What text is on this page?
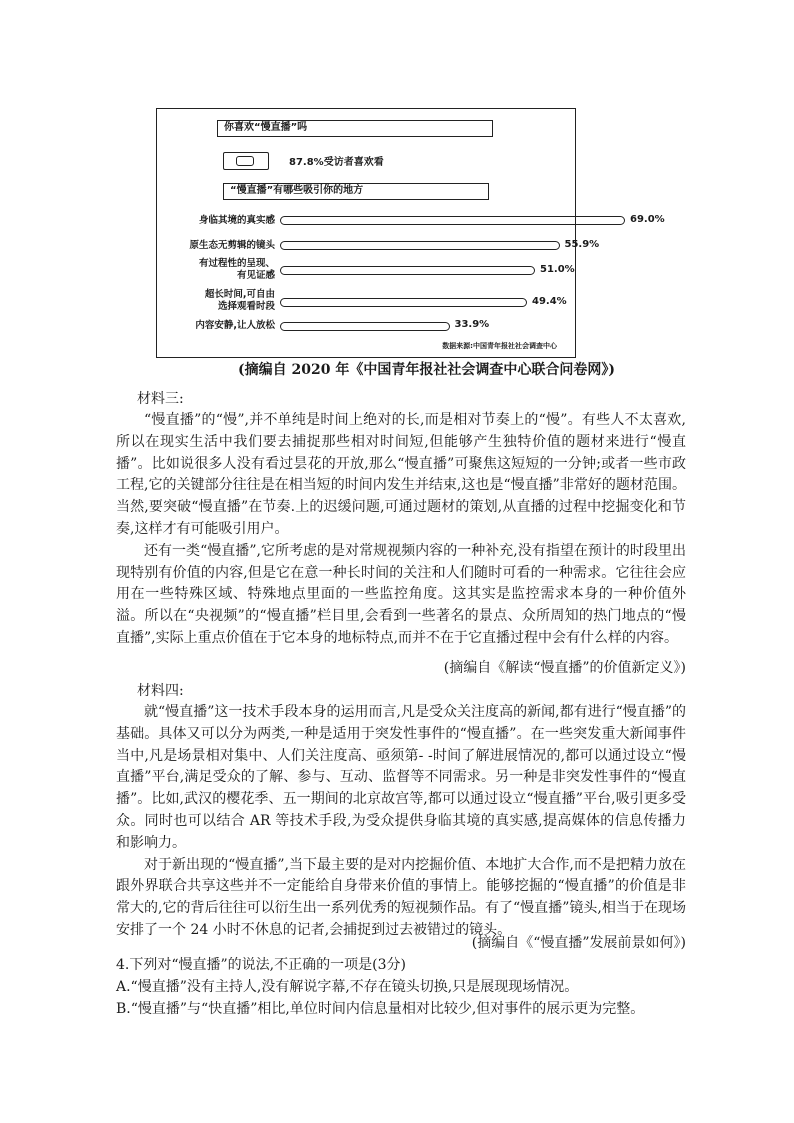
你喜欢“慢直播”吗
87.8%受访者喜欢看
“慢直播”有哪些吸引你的地方
身临其境的真实感	69.0%
原生态无剪辑的镜头	55.9%
有过程性的呈现、
有见证感
51.0%
超长时间,可自由
选择观看时段	49.4%
内容安静,让人放松	33.9%
数据来源:中国青年报社社会调查中心
(摘编自 2020 年《中国青年报社社会调查中心联合问卷网》)
材料三:

“慢直播”的“慢”,并不单纯是时间上绝对的长,而是相对节奏上的“慢”。有些人不太喜欢,所以在现实生活中我们要去捕捉那些相对时间短,但能够产生独特价值的题材来进行“慢直播”。比如说很多人没有看过昙花的开放,那么“慢直播”可聚焦这短短的一分钟;或者一些市政工程,它的关键部分往往是在相当短的时间内发生并结束,这也是“慢直播”非常好的题材范围。当然,要突破“慢直播”在节奏.上的迟缓问题,可通过题材的策划,从直播的过程中挖掘变化和节奏,这样才有可能吸引用户。

还有一类“慢直播”,它所考虑的是对常规视频内容的一种补充,没有指望在预计的时段里出现特别有价值的内容,但是它在意一种长时间的关注和人们随时可看的一种需求。它往往会应用在一些特殊区域、特殊地点里面的一些监控角度。这其实是监控需求本身的一种价值外溢。所以在“央视频”的“慢直播”栏目里,会看到一些著名的景点、众所周知的热门地点的“慢直播”,实际上重点价值在于它本身的地标特点,而并不在于它直播过程中会有什么样的内容。

(摘编自《解读“慢直播”的价值新定义》)
材料四:

就“慢直播”这一技术手段本身的运用而言,凡是受众关注度高的新闻,都有进行“慢直播”的基础。具体又可以分为两类,一种是适用于突发性事件的“慢直播”。在一些突发重大新闻事件当中,凡是场景相对集中、人们关注度高、亟须第- -时间了解进展情况的,都可以通过设立“慢直播”平台,满足受众的了解、参与、互动、监督等不同需求。另一种是非突发性事件的“慢直播”。比如,武汉的樱花季、五一期间的北京故宫等,都可以通过设立“慢直播”平台,吸引更多受众。同时也可以结合 AR 等技术手段,为受众提供身临其境的真实感,提高媒体的信息传播力和影响力。

对于新出现的“慢直播”,当下最主要的是对内挖掘价值、本地扩大合作,而不是把精力放在跟外界联合共享这些并不一定能给自身带来价值的事情上。能够挖掘的“慢直播”的价值是非常大的,它的背后往往可以衍生出一系列优秀的短视频作品。有了“慢直播”镜头,相当于在现场安排了一个 24 小时不休息的记者,会捕捉到过去被错过的镜头。

(摘编自《“慢直播”发展前景如何》)
4.下列对“慢直播”的说法,不正确的一项是(3分)
A.“慢直播”没有主持人,没有解说字幕,不存在镜头切换,只是展现现场情况。
B.“慢直播”与“快直播”相比,单位时间内信息量相对比较少,但对事件的展示更为完整。
